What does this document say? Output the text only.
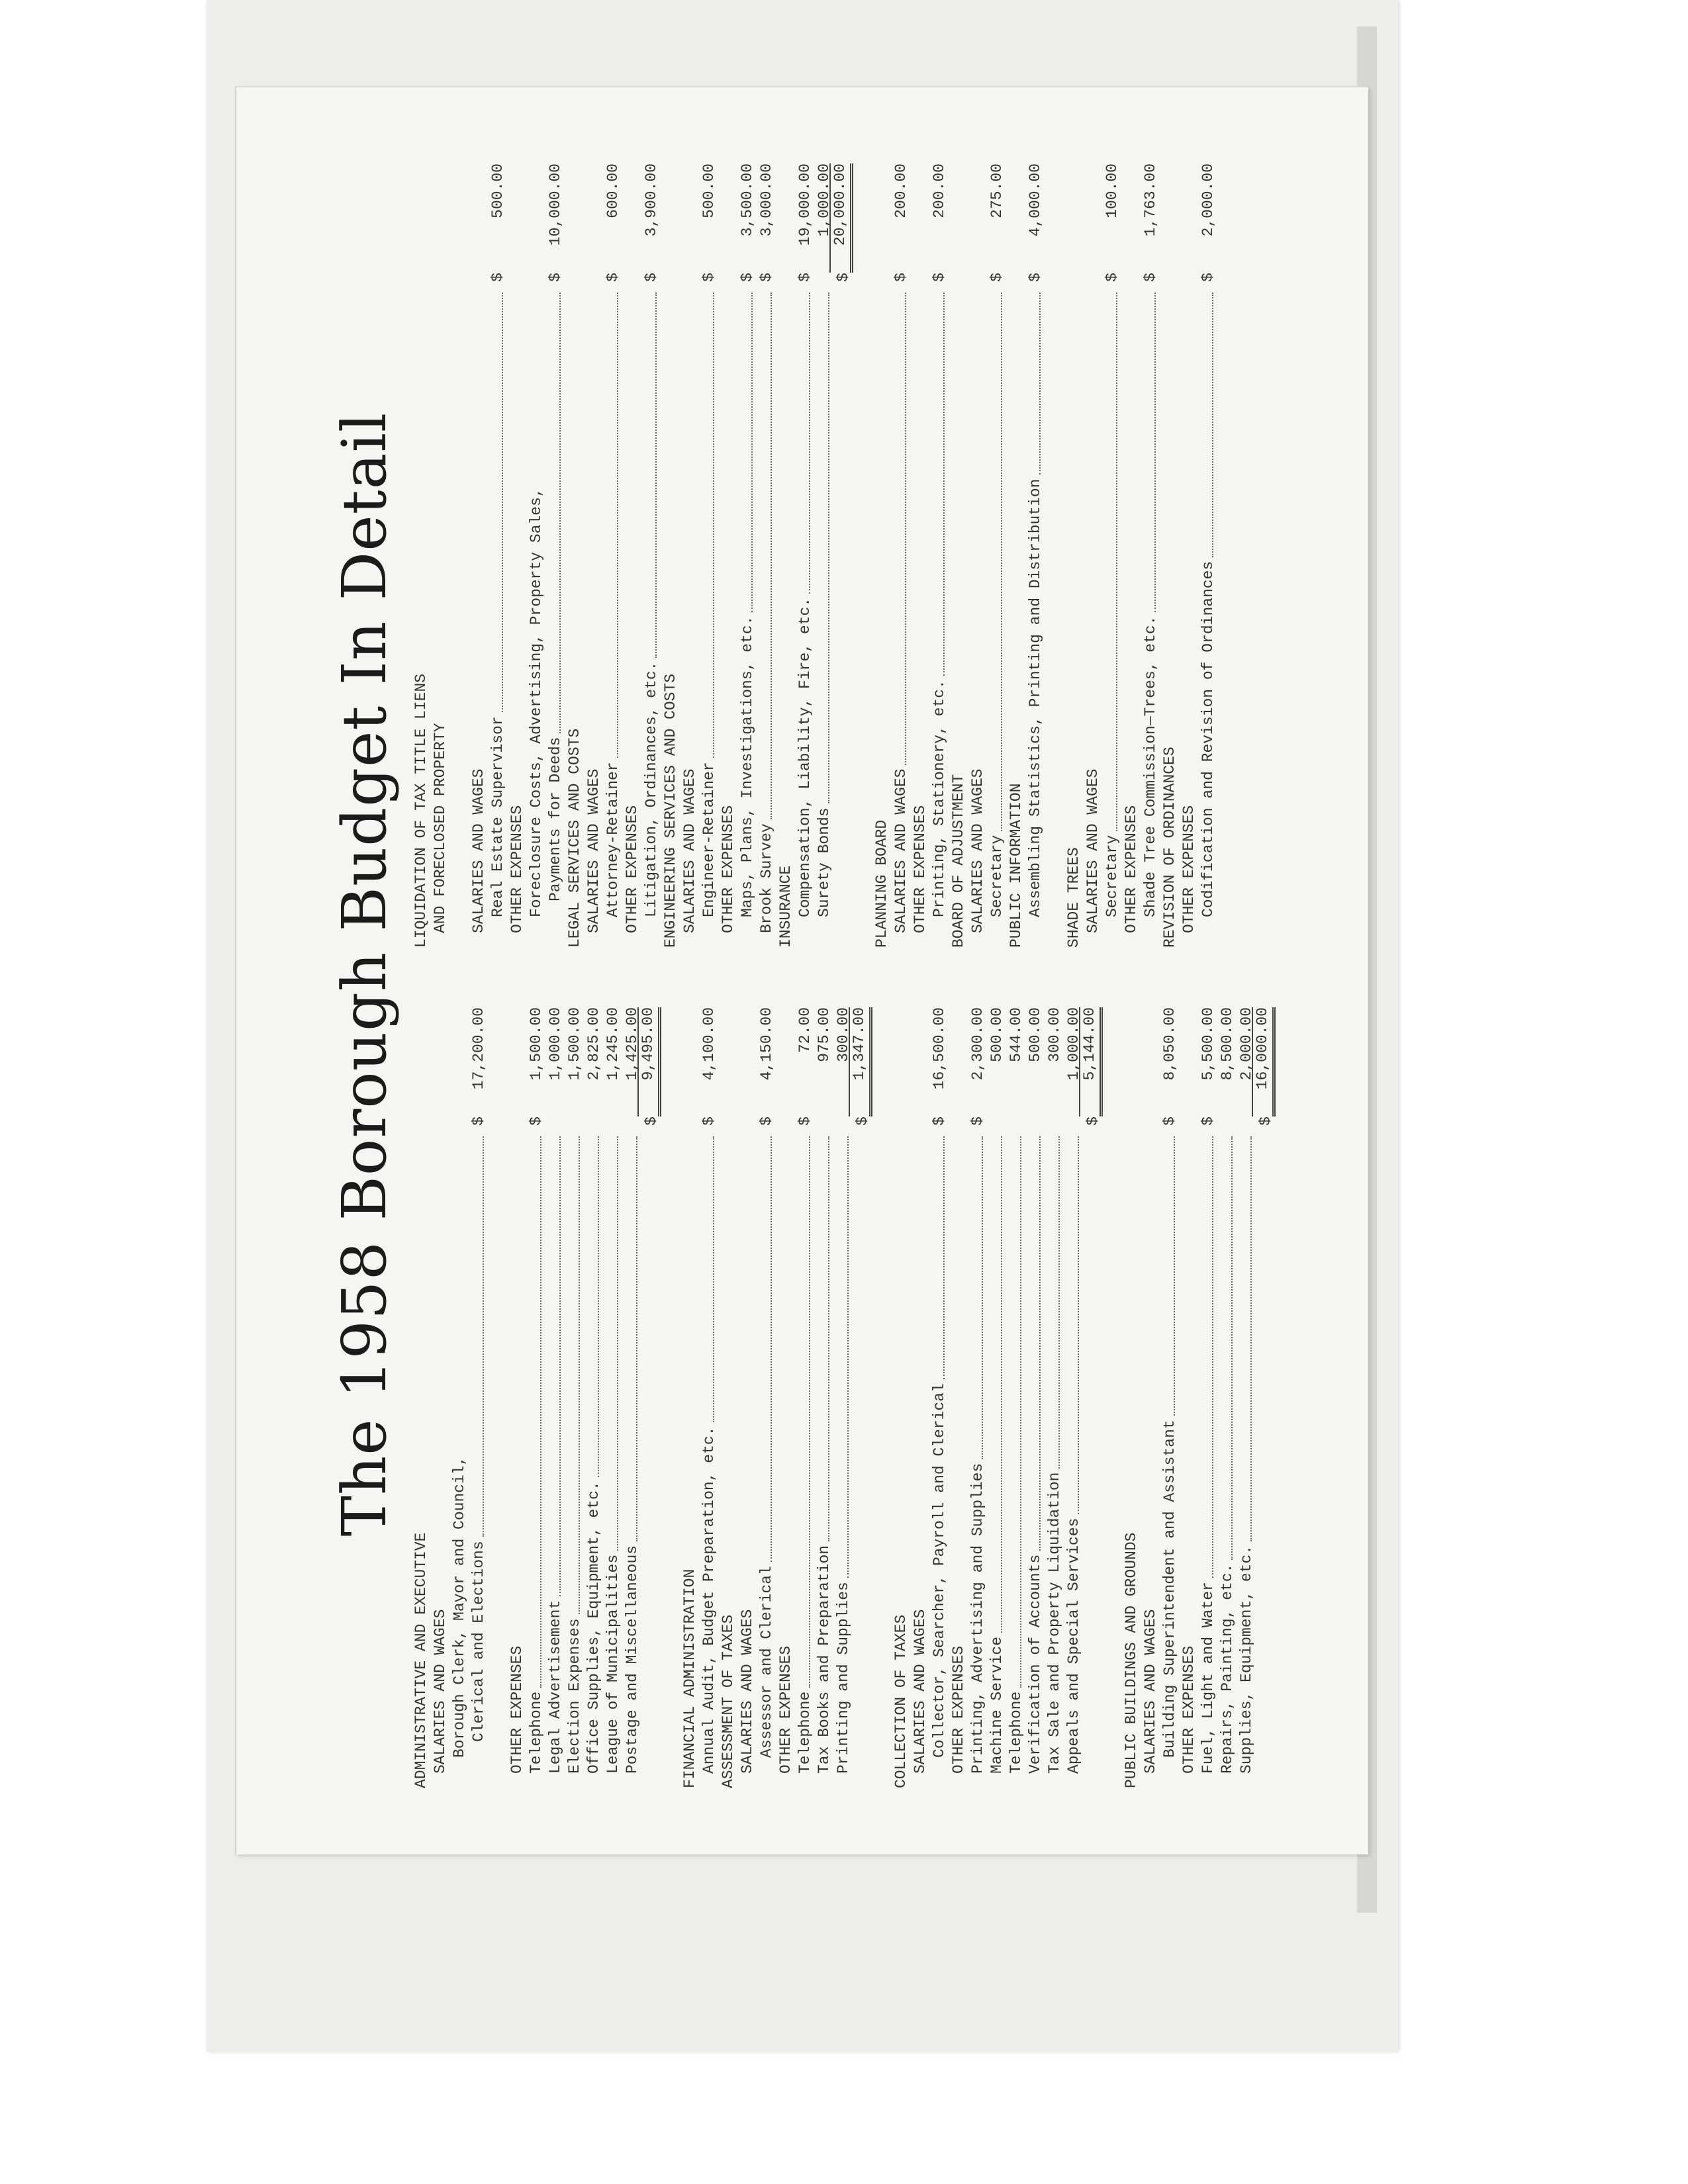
The 1958 Borough Budget In Detail
ADMINISTRATIVE AND EXECUTIVE SALARIES AND WAGES Borough Clerk, Mayor and Council, Clerical and Elections
$
17,200.00
OTHER EXPENSES Telephone
$
1,500.00
Legal Advertisement
1,000.00
Election Expenses
1,500.00
Office Supplies, Equipment, etc.
2,825.00
League of Municipalities
1,245.00
Postage and Miscellaneous
1,425.00
$
9,495.00
FINANCIAL ADMINISTRATION Annual Audit, Budget Preparation, etc.
$
4,100.00
ASSESSMENT OF TAXES SALARIES AND WAGES Assessor and Clerical
$
4,150.00
OTHER EXPENSES Telephone
$
72.00
Tax Books and Preparation
975.00
Printing and Supplies
300.00
$
1,347.00
COLLECTION OF TAXES SALARIES AND WAGES Collector, Searcher, Payroll and Clerical
$
16,500.00
OTHER EXPENSES Printing, Advertising and Supplies
$
2,300.00
Machine Service
500.00
Telephone
544.00
Verification of Accounts
500.00
Tax Sale and Property Liquidation
300.00
Appeals and Special Services
1,000.00
$
5,144.00
PUBLIC BUILDINGS AND GROUNDS SALARIES AND WAGES Building Superintendent and Assistant
$
8,050.00
OTHER EXPENSES Fuel, Light and Water
$
5,500.00
Repairs, Painting, etc.
8,500.00
Supplies, Equipment, etc.
2,000.00
$
16,000.00
LIQUIDATION OF TAX TITLE LIENS AND FORECLOSED PROPERTY SALARIES AND WAGES Real Estate Supervisor
$
500.00
OTHER EXPENSES Foreclosure Costs, Advertising, Property Sales, Payments for Deeds
$
10,000.00
LEGAL SERVICES AND COSTS SALARIES AND WAGES Attorney-Retainer
$
600.00
OTHER EXPENSES Litigation, Ordinances, etc.
$
3,900.00
ENGINEERING SERVICES AND COSTS SALARIES AND WAGES Engineer-Retainer
$
500.00
OTHER EXPENSES Maps, Plans, Investigations, etc.
$
3,500.00
Brook Survey
$
3,000.00
INSURANCE Compensation, Liability, Fire, etc.
$
19,000.00
Surety Bonds
1,000.00
$
20,000.00
PLANNING BOARD SALARIES AND WAGES
$
200.00
OTHER EXPENSES Printing, Stationery, etc.
$
200.00
BOARD OF ADJUSTMENT SALARIES AND WAGES Secretary
$
275.00
PUBLIC INFORMATION Assembling Statistics, Printing and Distribution
$
4,000.00
SHADE TREES SALARIES AND WAGES Secretary
$
100.00
OTHER EXPENSES Shade Tree Commission—Trees, etc.
$
1,763.00
REVISION OF ORDINANCES OTHER EXPENSES Codification and Revision of Ordinances
$
2,000.00
